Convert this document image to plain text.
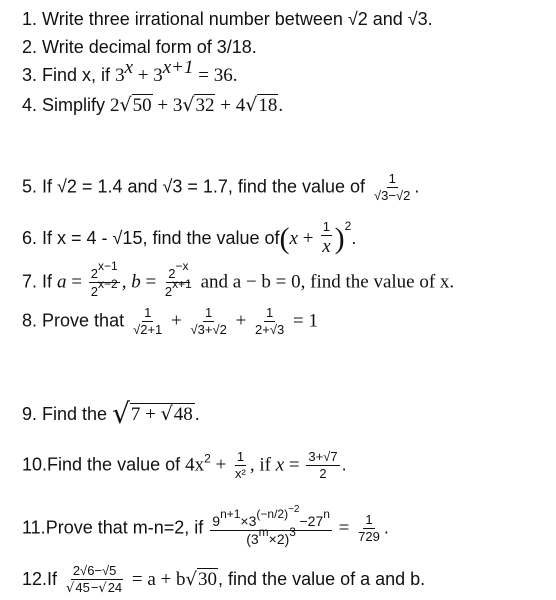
1. Write three irrational number between √2 and √3.
2. Write decimal form of 3/18.
3. Find x, if $3^x + 3^{x+1} = 36$.
4. Simplify 2√50 + 3√32 + 4√18.
5. If √2 = 1.4 and √3 = 1.7, find the value of $\frac{1}{√3-√2}$ .
6. If x = 4 - √15, find the value $of(x + \frac{1}{x} )^2$.
7. If $a = \frac{2^{x-1}}{2^{x-2}}$ , $b = \frac{2^{-x}}{2^{x+1}}$ and a − b = 0, find the value of x.
8. Prove that $\frac{1}{√2+1} + \frac{1}{√3+√2} + \frac{1}{2+√3} = 1$
9. Find the √7 + √48 .
10.Find the value of $4x^2 + \frac{1}{\text{x²}}$ , if $x = \frac{3+√7}{2}$ .
11.Prove that m-n=2, if $\frac{9^{n+1}\times 3^{(-n/2)^{-2}}-27^n}{(3^m\times 2)^3} = \frac{1}{729}$ .
$12.If \frac{2√6-√5}{√45-√24} = a + b√30$, find the value of a and b.
